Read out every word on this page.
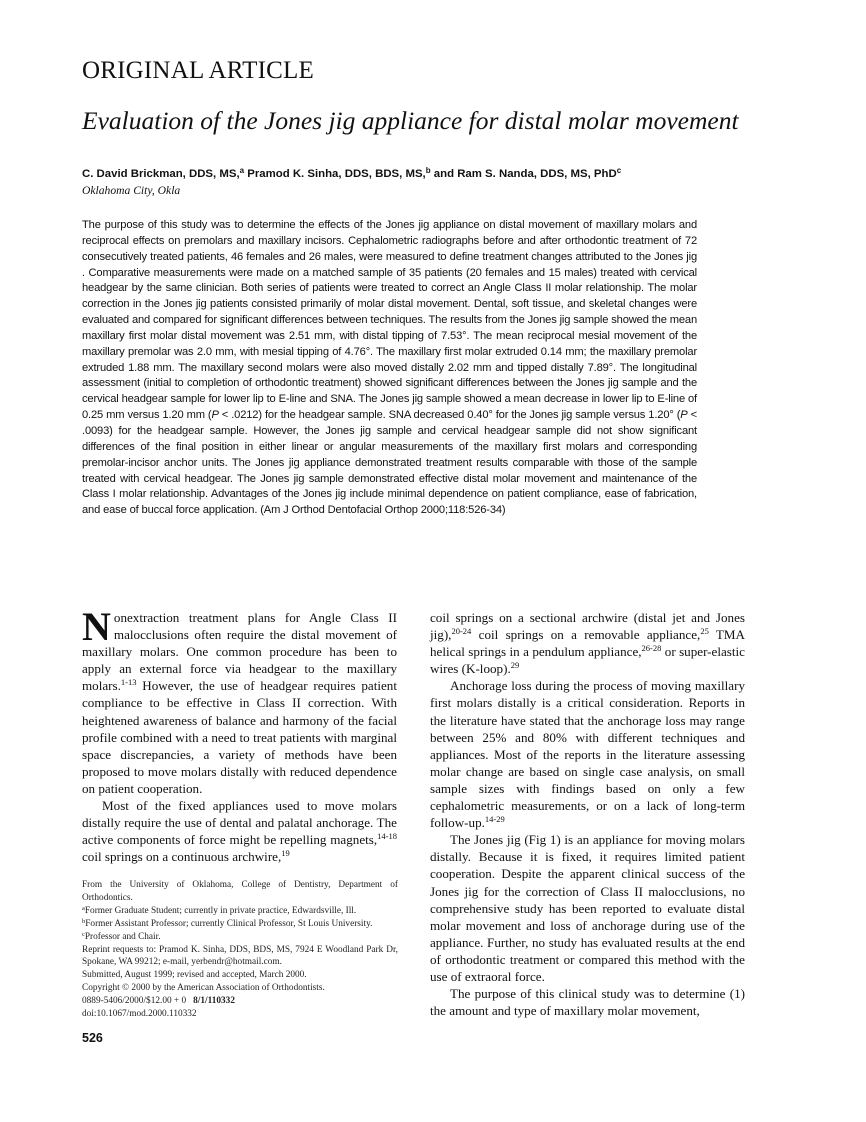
ORIGINAL ARTICLE
Evaluation of the Jones jig appliance for distal molar movement
C. David Brickman, DDS, MS,$^a$ Pramod K. Sinha, DDS, BDS, MS,$^b$ and Ram S. Nanda, DDS, MS, PhD$^c$
Oklahoma City, Okla

The purpose of this study was to determine the effects of the Jones jig appliance on distal movement of maxillary molars and reciprocal effects on premolars and maxillary incisors. Cephalometric radiographs before and after orthodontic treatment of 72 consecutively treated patients, 46 females and 26 males, were measured to define treatment changes attributed to the Jones jig . Comparative measurements were made on a matched sample of 35 patients (20 females and 15 males) treated with cervical headgear by the same clinician. Both series of patients were treated to correct an Angle Class II molar relationship. The molar correction in the Jones jig patients consisted primarily of molar distal movement. Dental, soft tissue, and skeletal changes were evaluated and compared for significant differences between techniques. The results from the Jones jig sample showed the mean maxillary first molar distal movement was 2.51 mm, with distal tipping of 7.53°. The mean reciprocal mesial movement of the maxillary premolar was 2.0 mm, with mesial tipping of 4.76°. The maxillary first molar extruded 0.14 mm; the maxillary premolar extruded 1.88 mm. The maxillary second molars were also moved distally 2.02 mm and tipped distally 7.89°. The longitudinal assessment (initial to completion of orthodontic treatment) showed significant differences between the Jones jig sample and the cervical headgear sample for lower lip to E-line and SNA. The Jones jig sample showed a mean decrease in lower lip to E-line of 0.25 mm versus 1.20 mm (P < .0212) for the headgear sample. SNA decreased 0.40° for the Jones jig sample versus 1.20° (P < .0093) for the headgear sample. However, the Jones jig sample and cervical headgear sample did not show significant differences of the final position in either linear or angular measurements of the maxillary first molars and corresponding premolar-incisor anchor units. The Jones jig appliance demonstrated treatment results comparable with those of the sample treated with cervical headgear. The Jones jig sample demonstrated effective distal molar movement and maintenance of the Class I molar relationship. Advantages of the Jones jig include minimal dependence on patient compliance, ease of fabrication, and ease of buccal force application. (Am J Orthod Dentofacial Orthop 2000;118:526-34)

Nonextraction treatment plans for Angle Class II malocclusions often require the distal movement of maxillary molars. One common procedure has been to apply an external force via headgear to the maxillary molars.$^{1-13}$ However, the use of headgear requires patient compliance to be effective in Class II correction. With heightened awareness of balance and harmony of the facial profile combined with a need to treat patients with marginal space discrepancies, a variety of methods have been proposed to move molars distally with reduced dependence on patient cooperation.

Most of the fixed appliances used to move molars distally require the use of dental and palatal anchorage. The active components of force might be repelling magnets,$^{14-18}$ coil springs on a continuous archwire,$^{19}$

coil springs on a sectional archwire (distal jet and Jones jig),$^{20-24}$ coil springs on a removable appliance,$^{25}$ TMA helical springs in a pendulum appliance,$^{26-28}$ or super-elastic wires (K-loop).$^{29}$

Anchorage loss during the process of moving maxillary first molars distally is a critical consideration. Reports in the literature have stated that the anchorage loss may range between 25% and 80% with different techniques and appliances. Most of the reports in the literature assessing molar change are based on single case analysis, on small sample sizes with findings based on only a few cephalometric measurements, or on a lack of long-term follow-up.$^{14-29}$

The Jones jig (Fig 1) is an appliance for moving molars distally. Because it is fixed, it requires limited patient cooperation. Despite the apparent clinical success of the Jones jig for the correction of Class II malocclusions, no comprehensive study has been reported to evaluate distal molar movement and loss of anchorage during use of the appliance. Further, no study has evaluated results at the end of orthodontic treatment or compared this method with the use of extraoral force.

The purpose of this clinical study was to determine (1) the amount and type of maxillary molar movement,

From the University of Oklahoma, College of Dentistry, Department of Orthodontics.

$^a$Former Graduate Student; currently in private practice, Edwardsville, Ill.

$^b$Former Assistant Professor; currently Clinical Professor, St Louis University.

$^c$Professor and Chair.

Reprint requests to: Pramod K. Sinha, DDS, BDS, MS, 7924 E Woodland Park Dr, Spokane, WA 99212; e-mail, yerbendr@hotmail.com.

Submitted, August 1999; revised and accepted, March 2000.

Copyright © 2000 by the American Association of Orthodontists.

0889-5406/2000/$12.00 + 0 8/1/110332

doi:10.1067/mod.2000.110332

526
